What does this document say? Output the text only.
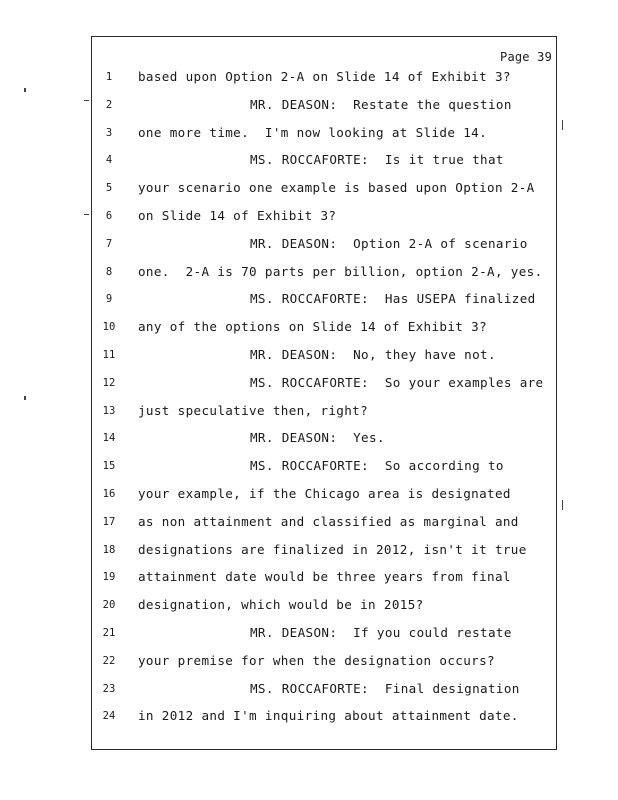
Page 39
1	based upon Option 2-A on Slide 14 of Exhibit 3?
2	MR. DEASON:  Restate the question
3	one more time.  I'm now looking at Slide 14.
4	MS. ROCCAFORTE:  Is it true that
5	your scenario one example is based upon Option 2-A
6	on Slide 14 of Exhibit 3?
7	MR. DEASON:  Option 2-A of scenario
8	one.  2-A is 70 parts per billion, option 2-A, yes.
9	MS. ROCCAFORTE:  Has USEPA finalized
10	any of the options on Slide 14 of Exhibit 3?
11	MR. DEASON:  No, they have not.
12	MS. ROCCAFORTE:  So your examples are
13	just speculative then, right?
14	MR. DEASON:  Yes.
15	MS. ROCCAFORTE:  So according to
16	your example, if the Chicago area is designated
17	as non attainment and classified as marginal and
18	designations are finalized in 2012, isn't it true
19	attainment date would be three years from final
20	designation, which would be in 2015?
21	MR. DEASON:  If you could restate
22	your premise for when the designation occurs?
23	MS. ROCCAFORTE:  Final designation
24	in 2012 and I'm inquiring about attainment date.
